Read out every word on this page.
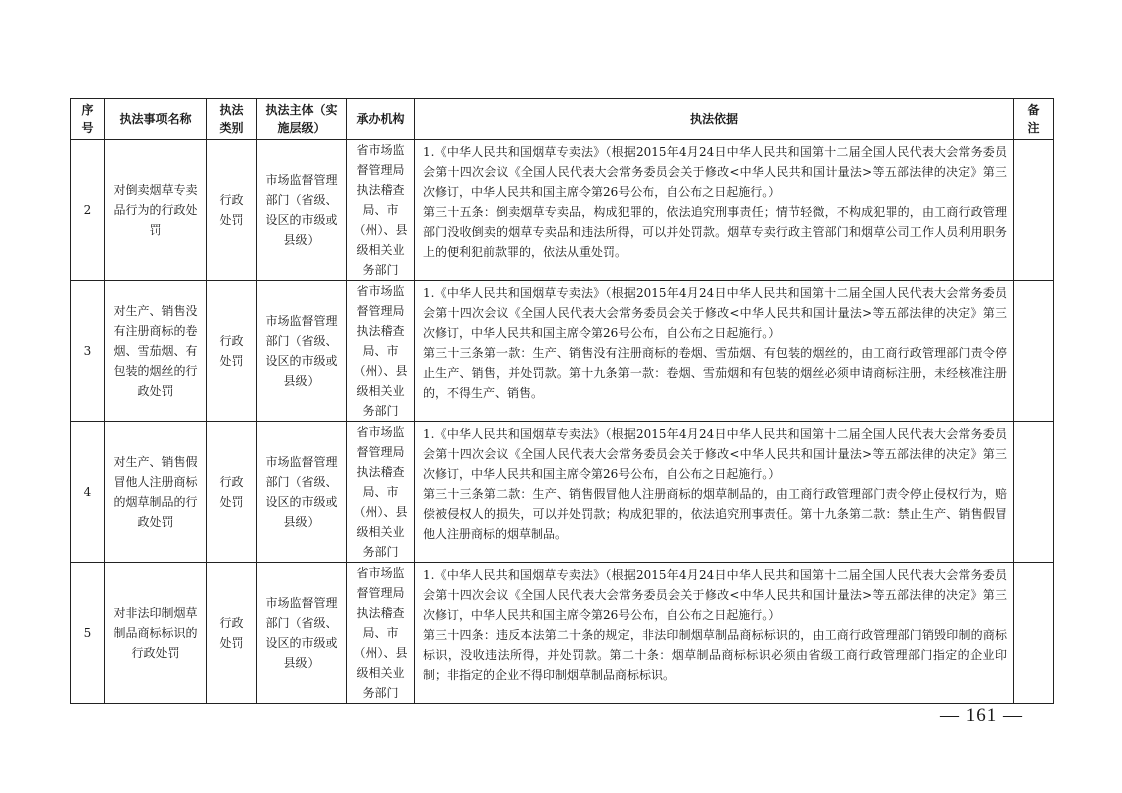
序号	执法事项名称	执法类别	执法主体（实施层级）	承办机构	执法依据	备注
2	对倒卖烟草专卖品行为的行政处罚	行政处罚	市场监督管理部门（省级、设区的市级或县级）	省市场监督管理局执法稽查局、市（州）、县级相关业务部门	1.《中华人民共和国烟草专卖法》（根据2015年4月24日中华人民共和国第十二届全国人民代表大会常务委员会第十四次会议《全国人民代表大会常务委员会关于修改<中华人民共和国计量法>等五部法律的决定》第三次修订，中华人民共和国主席令第26号公布，自公布之日起施行。）
第三十五条：倒卖烟草专卖品，构成犯罪的，依法追究刑事责任；情节轻微，不构成犯罪的，由工商行政管理部门没收倒卖的烟草专卖品和违法所得，可以并处罚款。烟草专卖行政主管部门和烟草公司工作人员利用职务上的便利犯前款罪的，依法从重处罚。	
3	对生产、销售没有注册商标的卷烟、雪茄烟、有包装的烟丝的行政处罚	行政处罚	市场监督管理部门（省级、设区的市级或县级）	省市场监督管理局执法稽查局、市（州）、县级相关业务部门	1.《中华人民共和国烟草专卖法》（根据2015年4月24日中华人民共和国第十二届全国人民代表大会常务委员会第十四次会议《全国人民代表大会常务委员会关于修改<中华人民共和国计量法>等五部法律的决定》第三次修订，中华人民共和国主席令第26号公布，自公布之日起施行。）
第三十三条第一款：生产、销售没有注册商标的卷烟、雪茄烟、有包装的烟丝的，由工商行政管理部门责令停止生产、销售，并处罚款。第十九条第一款：卷烟、雪茄烟和有包装的烟丝必须申请商标注册，未经核准注册的，不得生产、销售。	
4	对生产、销售假冒他人注册商标的烟草制品的行政处罚	行政处罚	市场监督管理部门（省级、设区的市级或县级）	省市场监督管理局执法稽查局、市（州）、县级相关业务部门	1.《中华人民共和国烟草专卖法》（根据2015年4月24日中华人民共和国第十二届全国人民代表大会常务委员会第十四次会议《全国人民代表大会常务委员会关于修改<中华人民共和国计量法>等五部法律的决定》第三次修订，中华人民共和国主席令第26号公布，自公布之日起施行。）
第三十三条第二款：生产、销售假冒他人注册商标的烟草制品的，由工商行政管理部门责令停止侵权行为，赔偿被侵权人的损失，可以并处罚款；构成犯罪的，依法追究刑事责任。第十九条第二款：禁止生产、销售假冒他人注册商标的烟草制品。	
5	对非法印制烟草制品商标标识的行政处罚	行政处罚	市场监督管理部门（省级、设区的市级或县级）	省市场监督管理局执法稽查局、市（州）、县级相关业务部门	1.《中华人民共和国烟草专卖法》（根据2015年4月24日中华人民共和国第十二届全国人民代表大会常务委员会第十四次会议《全国人民代表大会常务委员会关于修改<中华人民共和国计量法>等五部法律的决定》第三次修订，中华人民共和国主席令第26号公布，自公布之日起施行。）
第三十四条：违反本法第二十条的规定，非法印制烟草制品商标标识的，由工商行政管理部门销毁印制的商标标识，没收违法所得，并处罚款。第二十条：烟草制品商标标识必须由省级工商行政管理部门指定的企业印制；非指定的企业不得印制烟草制品商标标识。	
— 161 —
